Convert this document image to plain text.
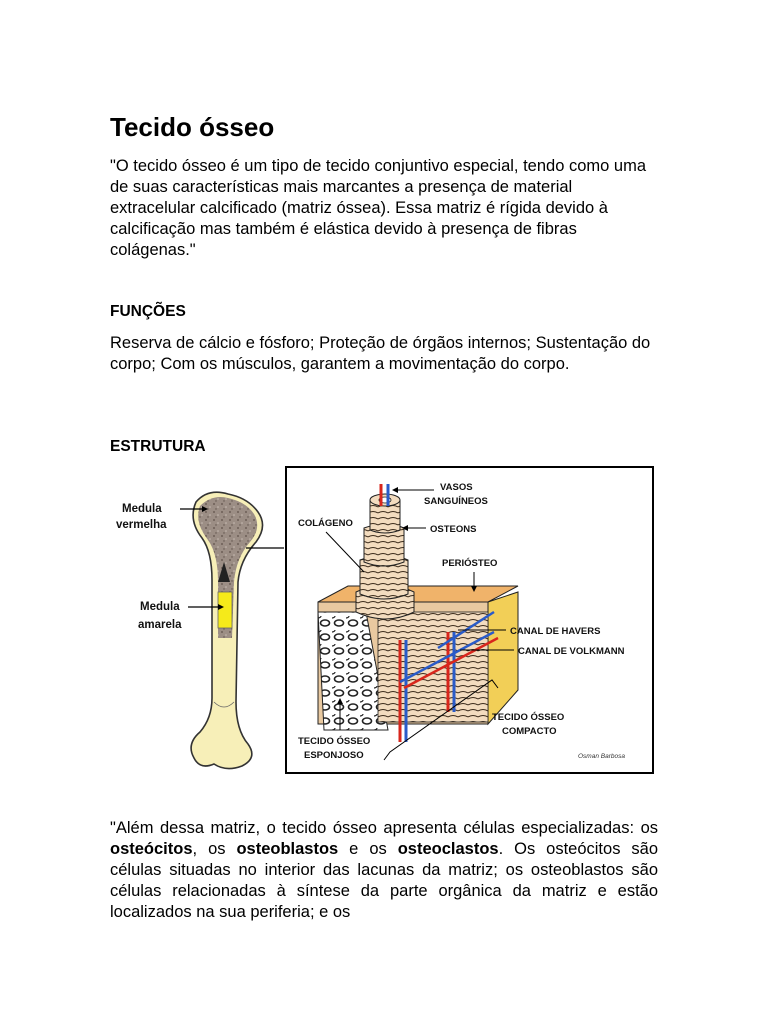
Tecido ósseo

"O tecido ósseo é um tipo de tecido conjuntivo especial, tendo como uma de suas características mais marcantes a presença de material extracelular calcificado (matriz óssea). Essa matriz é rígida devido à calcificação mas também é elástica devido à presença de fibras colágenas."

FUNÇÕES

Reserva de cálcio e fósforo; Proteção de órgãos internos; Sustentação do corpo; Com os músculos, garantem a movimentação do corpo.

ESTRUTURA
Medula
vermelha
Medula
amarela
VASOS
SANGUÍNEOS
COLÁGENO
OSTEONS
PERIÓSTEO
CANAL DE HAVERS
CANAL DE VOLKMANN
TECIDO ÓSSEO
COMPACTO
TECIDO ÓSSEO
ESPONJOSO	Osman Barbosa

"Além dessa matriz, o tecido ósseo apresenta células especializadas: os osteócitos, os osteoblastos e os osteoclastos. Os osteócitos são células situadas no interior das lacunas da matriz; os osteoblastos são células relacionadas à síntese da parte orgânica da matriz e estão localizados na sua periferia; e os
